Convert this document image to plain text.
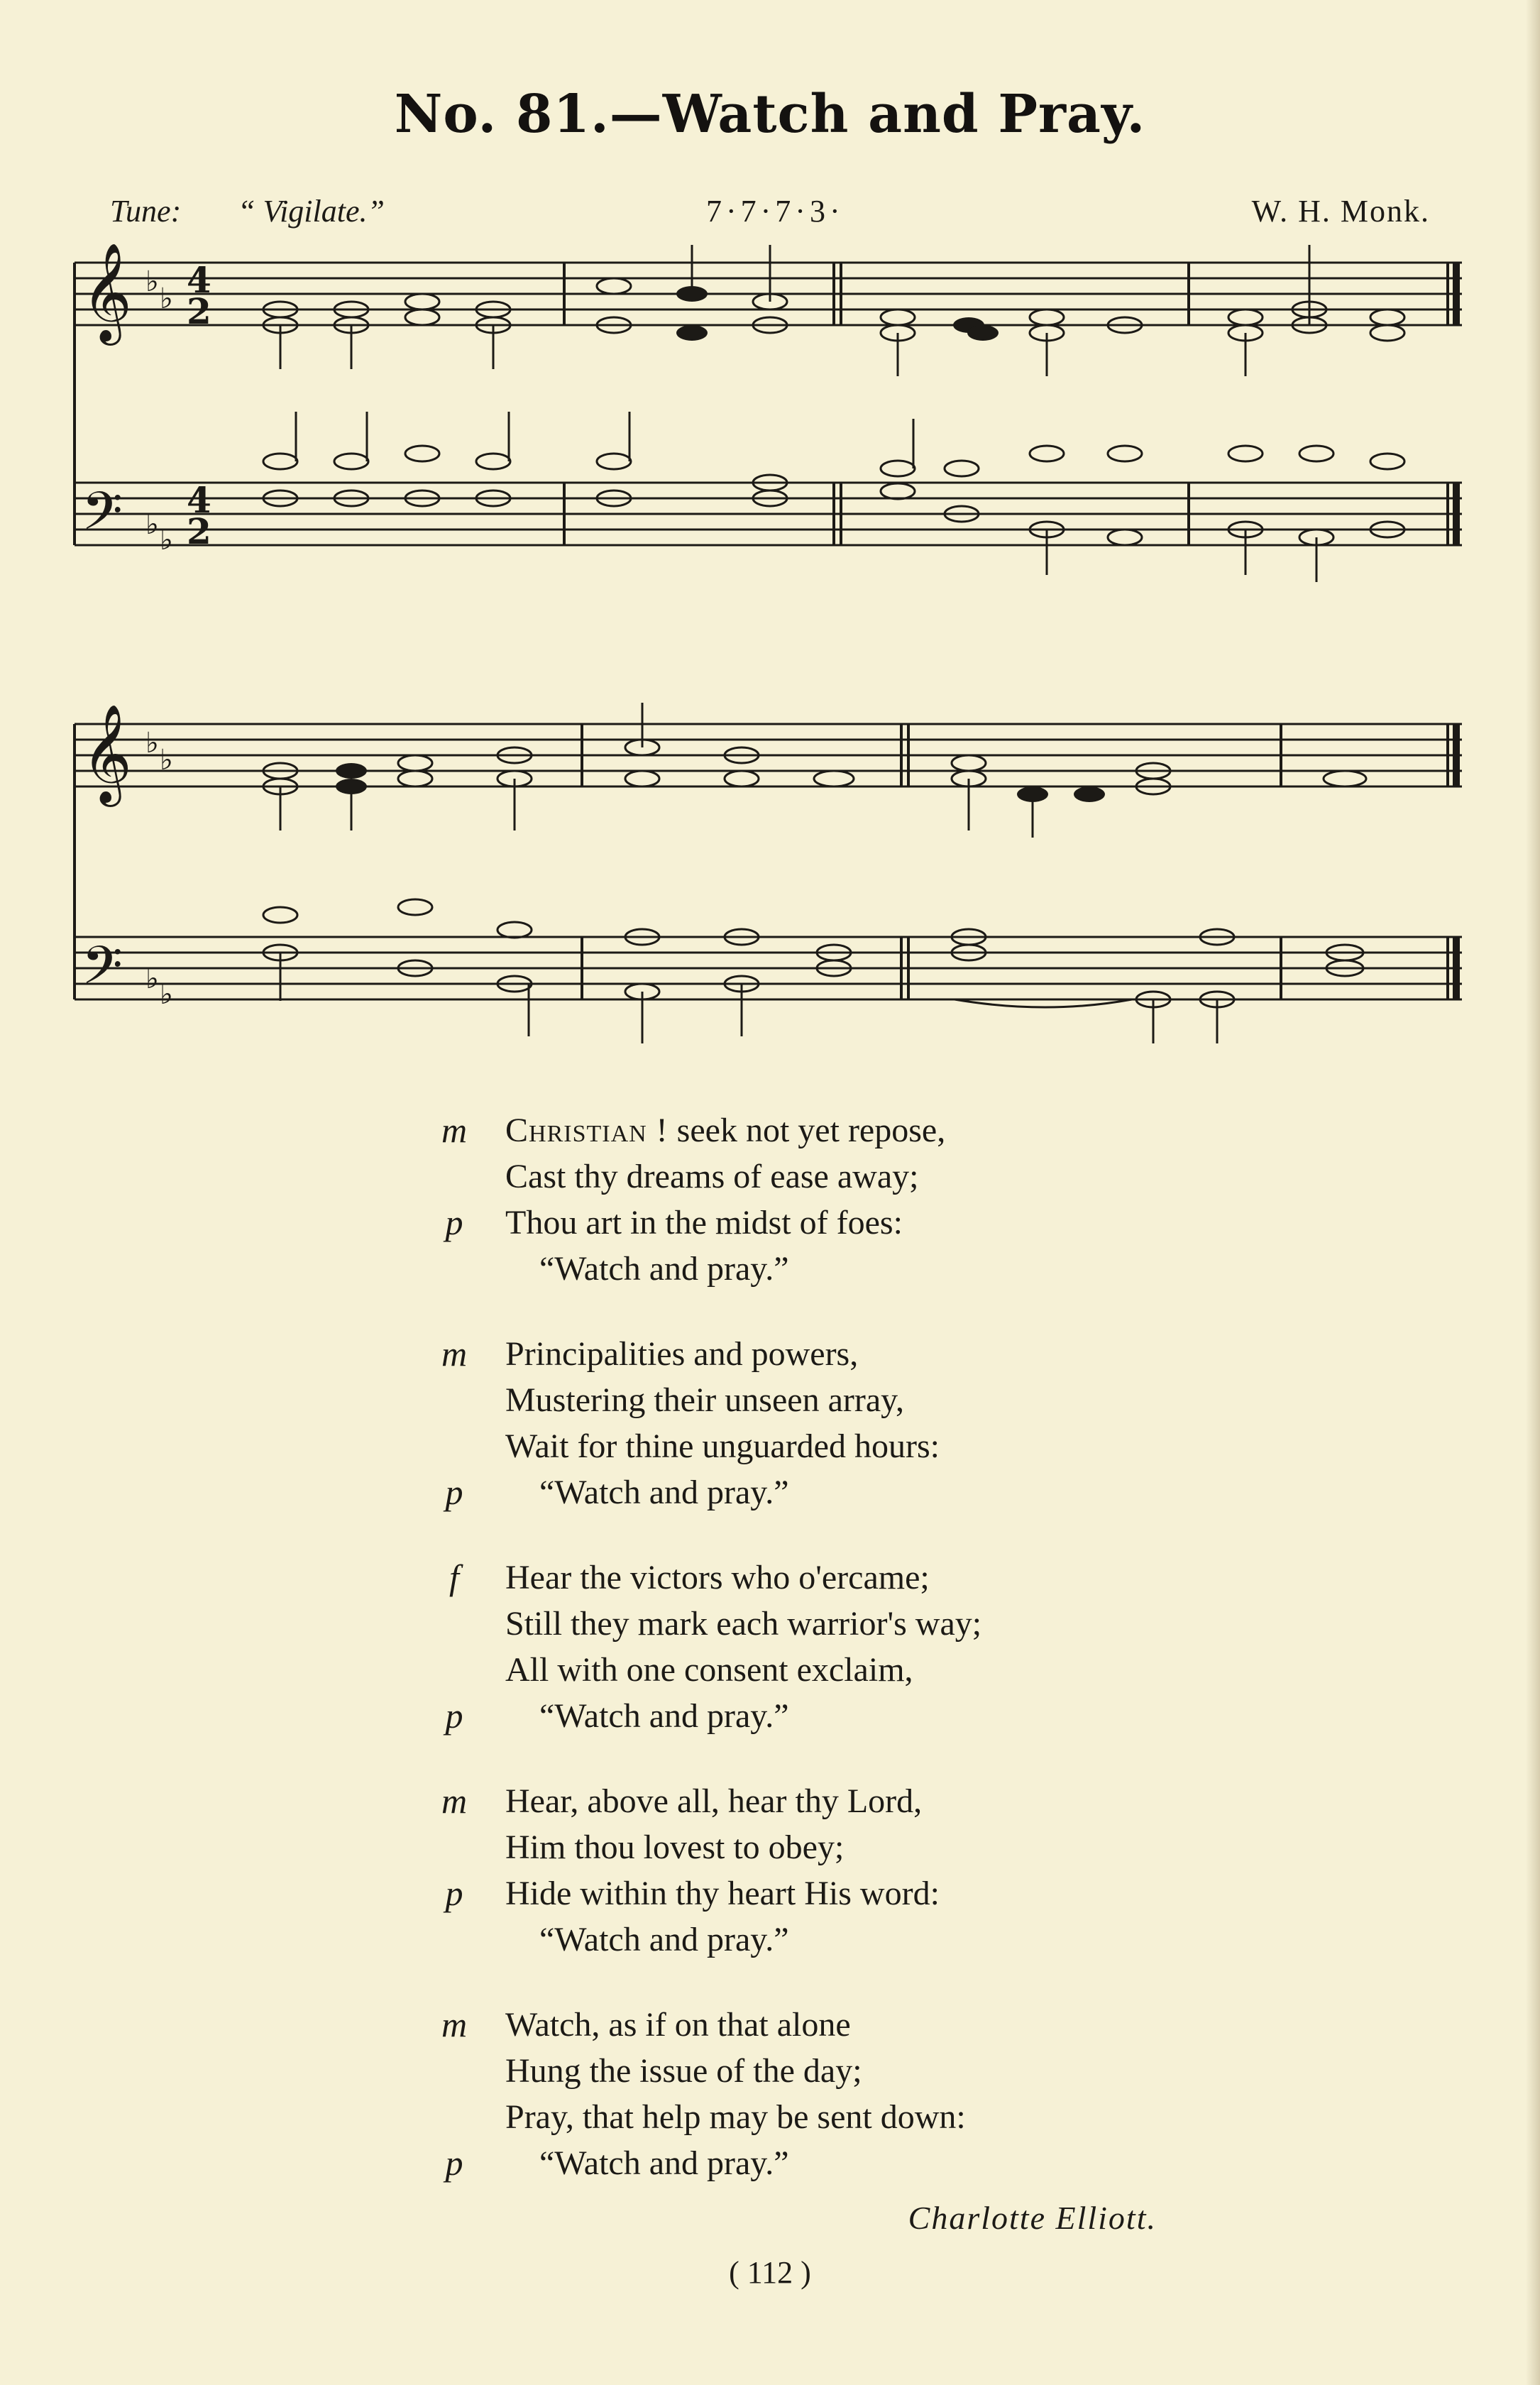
No. 81.—Watch and Pray.
Tune: “ Vigilate.”	7·7·7·3·	W. H. Monk.
𝄞
𝄢
♭
♭
♭ ♭
4
2
4
2
𝄞
𝄢
♭
♭
♭ ♭
m Christian ! seek not yet repose,
Cast thy dreams of ease away;
p Thou art in the midst of foes:
“Watch and pray.”
m Principalities and powers,
Mustering their unseen array,
Wait for thine unguarded hours:
p “Watch and pray.”
f Hear the victors who o'ercame;
Still they mark each warrior's way;
All with one consent exclaim,
p “Watch and pray.”
m Hear, above all, hear thy Lord,
Him thou lovest to obey;
p Hide within thy heart His word:
“Watch and pray.”
m Watch, as if on that alone
Hung the issue of the day;
Pray, that help may be sent down:
p “Watch and pray.”
Charlotte Elliott.
( 112 )
